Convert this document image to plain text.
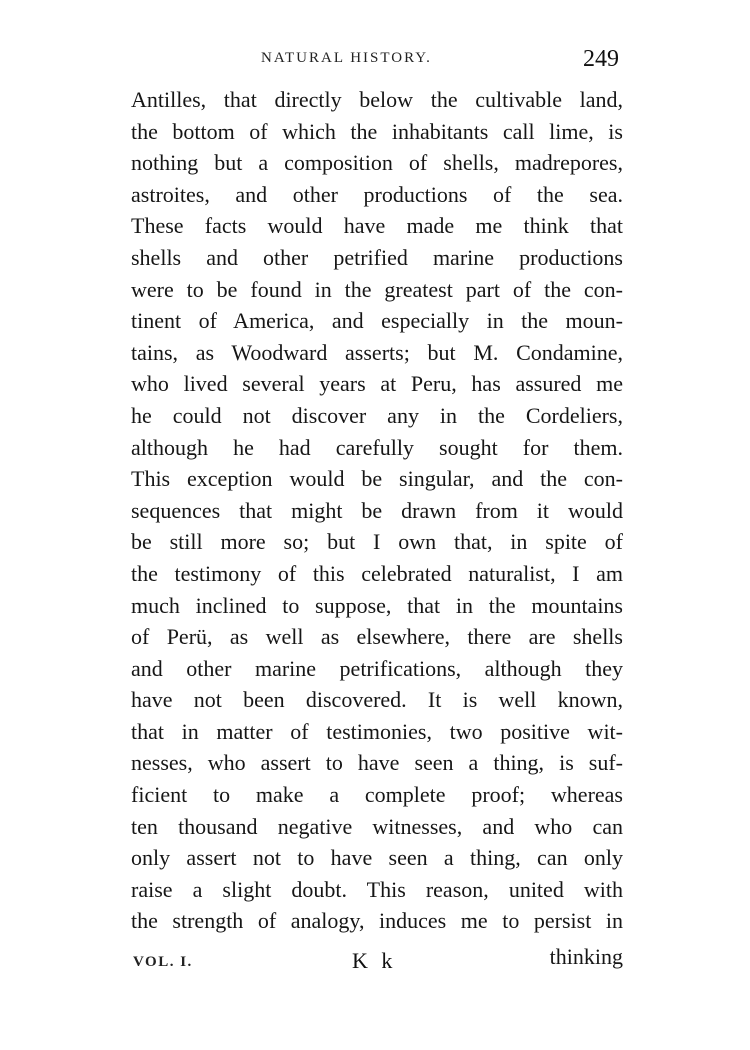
NATURAL HISTORY.	249
Antilles, that directly below the cultivable land,
the bottom of which the inhabitants call lime, is
nothing but a composition of shells, madrepores,
astroites, and other productions of the sea.
These facts would have made me think that
shells and other petrified marine productions
were to be found in the greatest part of the con-
tinent of America, and especially in the moun-
tains, as Woodward asserts; but M. Condamine,
who lived several years at Peru, has assured me
he could not discover any in the Cordeliers,
although he had carefully sought for them.
This exception would be singular, and the con-
sequences that might be drawn from it would
be still more so; but I own that, in spite of
the testimony of this celebrated naturalist, I am
much inclined to suppose, that in the mountains
of Perü, as well as elsewhere, there are shells
and other marine petrifications, although they
have not been discovered. It is well known,
that in matter of testimonies, two positive wit-
nesses, who assert to have seen a thing, is suf-
ficient to make a complete proof; whereas
ten thousand negative witnesses, and who can
only assert not to have seen a thing, can only
raise a slight doubt. This reason, united with
the strength of analogy, induces me to persist in
VOL. I.	K k	thinking
